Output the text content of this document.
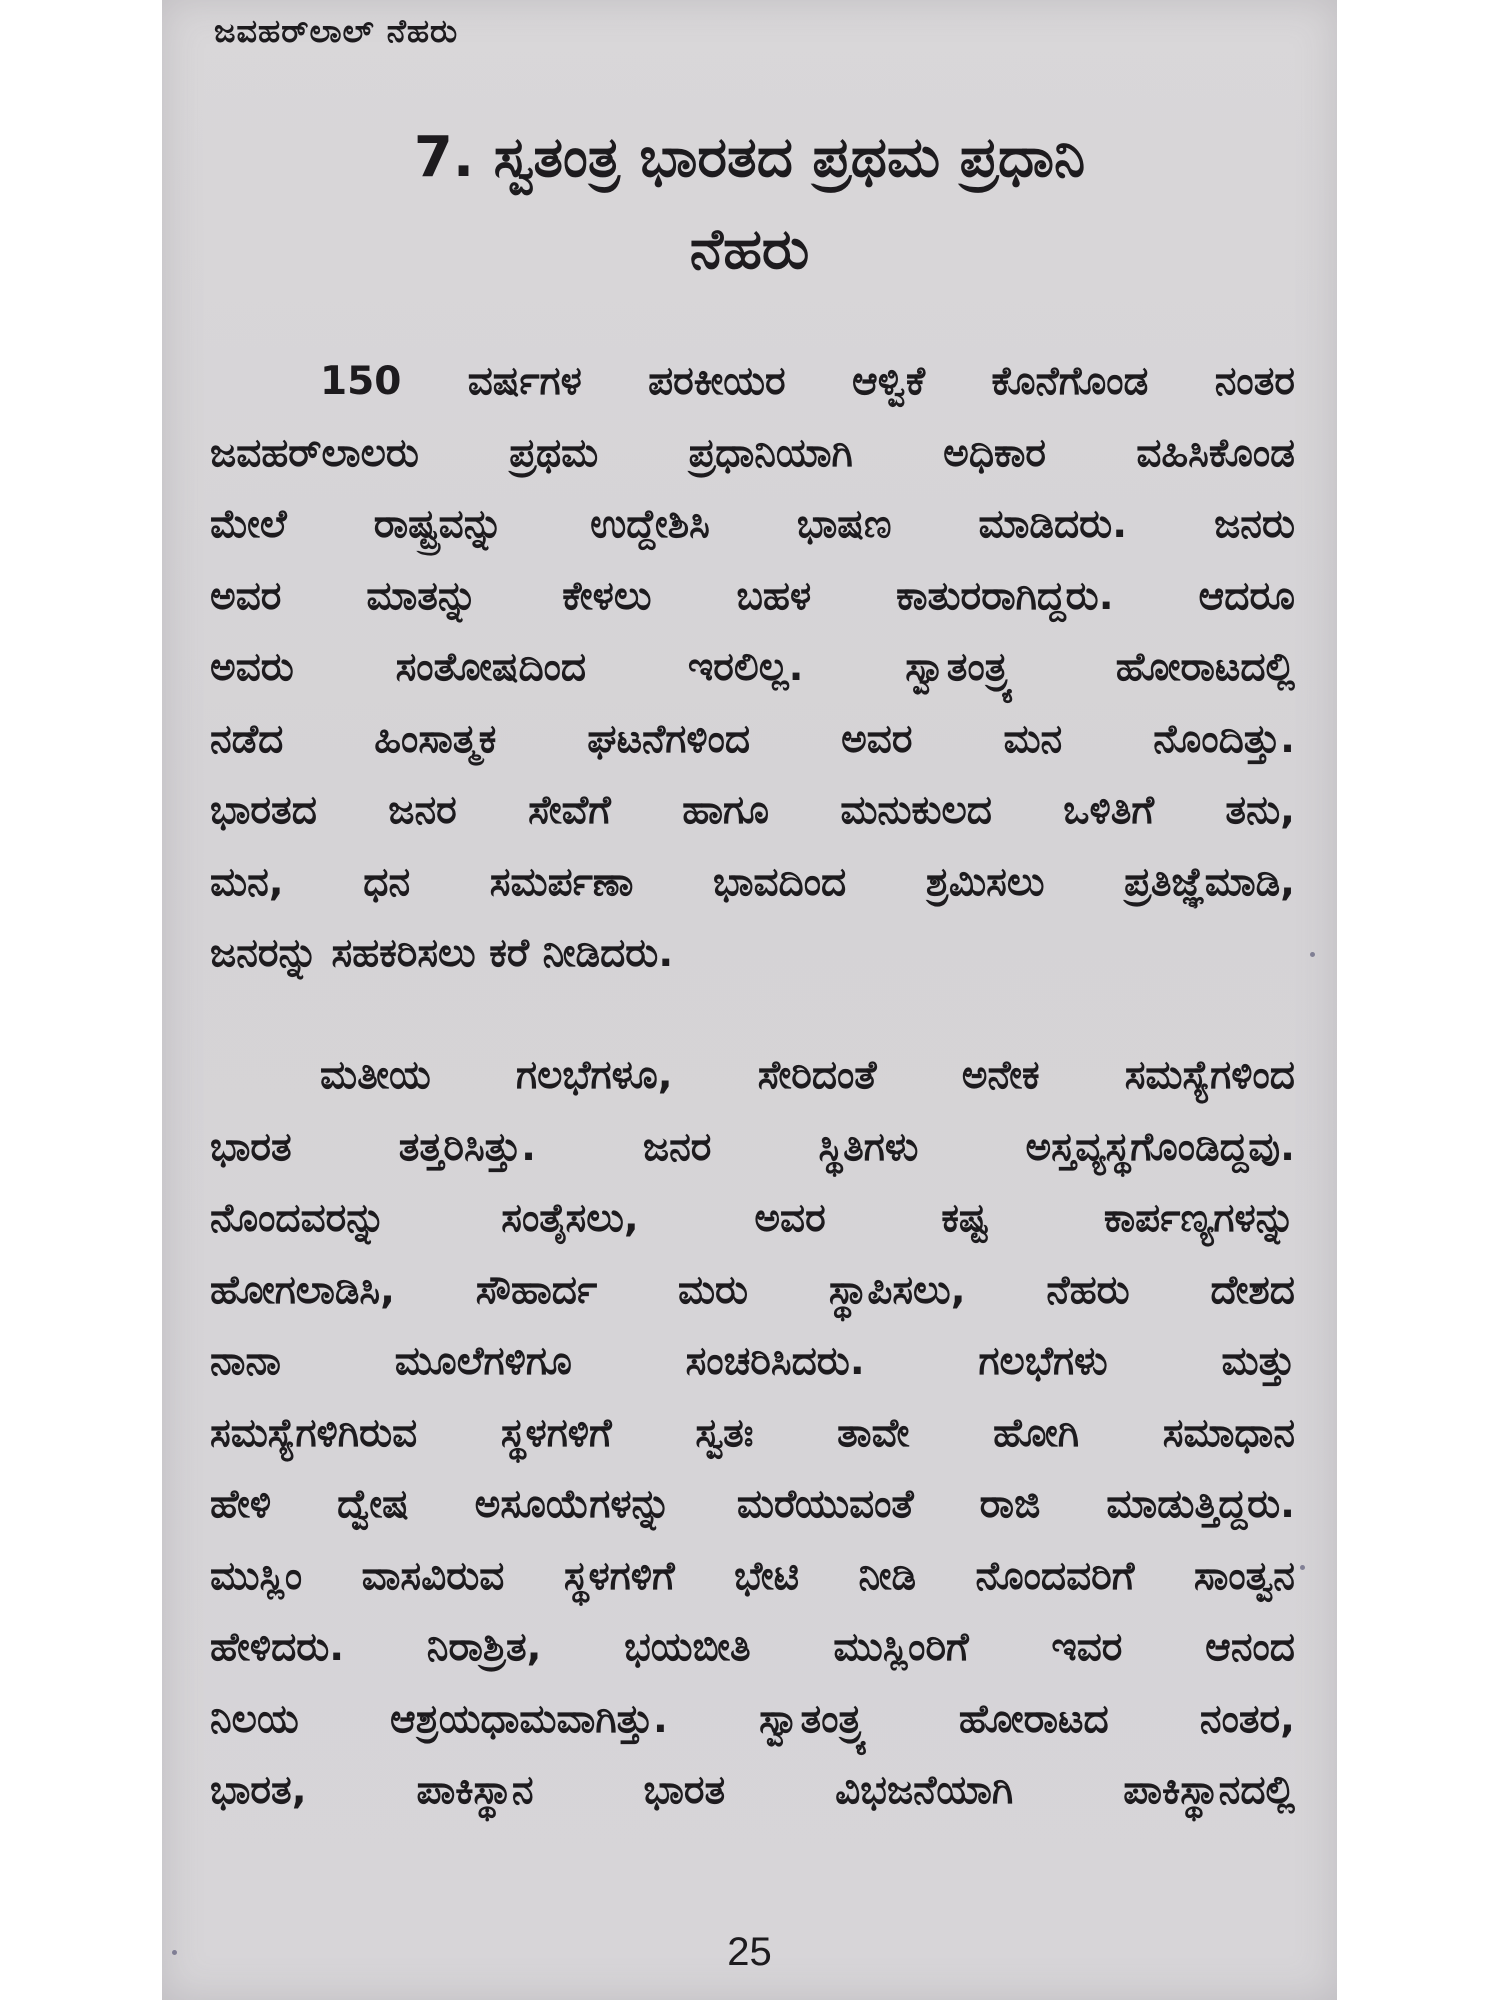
ಜವಹರ್‌ಲಾಲ್ ನೆಹರು
7. ಸ್ವತಂತ್ರ ಭಾರತದ ಪ್ರಥಮ ಪ್ರಧಾನಿ
ನೆಹರು

150 ವರ್ಷಗಳ ಪರಕೀಯರ ಆಳ್ವಿಕೆ ಕೊನೆಗೊಂಡ ನಂತರ
ಜವಹರ್‌ಲಾಲರು ಪ್ರಥಮ ಪ್ರಧಾನಿಯಾಗಿ ಅಧಿಕಾರ ವಹಿಸಿಕೊಂಡ
ಮೇಲೆ ರಾಷ್ಟ್ರವನ್ನು ಉದ್ದೇಶಿಸಿ ಭಾಷಣ ಮಾಡಿದರು. ಜನರು
ಅವರ ಮಾತನ್ನು ಕೇಳಲು ಬಹಳ ಕಾತುರರಾಗಿದ್ದರು. ಆದರೂ
ಅವರು ಸಂತೋಷದಿಂದ ಇರಲಿಲ್ಲ. ಸ್ವಾತಂತ್ರ್ಯ ಹೋರಾಟದಲ್ಲಿ
ನಡೆದ ಹಿಂಸಾತ್ಮಕ ಘಟನೆಗಳಿಂದ ಅವರ ಮನ ನೊಂದಿತ್ತು.
ಭಾರತದ ಜನರ ಸೇವೆಗೆ ಹಾಗೂ ಮನುಕುಲದ ಒಳಿತಿಗೆ ತನು,
ಮನ, ಧನ ಸಮರ್ಪಣಾ ಭಾವದಿಂದ ಶ್ರಮಿಸಲು ಪ್ರತಿಜ್ಞೆಮಾಡಿ,
ಜನರನ್ನು ಸಹಕರಿಸಲು ಕರೆ ನೀಡಿದರು.

ಮತೀಯ ಗಲಭೆಗಳೂ, ಸೇರಿದಂತೆ ಅನೇಕ ಸಮಸ್ಯೆಗಳಿಂದ
ಭಾರತ ತತ್ತರಿಸಿತ್ತು. ಜನರ ಸ್ಥಿತಿಗಳು ಅಸ್ತವ್ಯಸ್ಥಗೊಂಡಿದ್ದವು.
ನೊಂದವರನ್ನು ಸಂತೈಸಲು, ಅವರ ಕಷ್ಟ ಕಾರ್ಪಣ್ಯಗಳನ್ನು
ಹೋಗಲಾಡಿಸಿ, ಸೌಹಾರ್ದ ಮರು ಸ್ಥಾಪಿಸಲು, ನೆಹರು ದೇಶದ
ನಾನಾ ಮೂಲೆಗಳಿಗೂ ಸಂಚರಿಸಿದರು. ಗಲಭೆಗಳು ಮತ್ತು
ಸಮಸ್ಯೆಗಳಿಗಿರುವ ಸ್ಥಳಗಳಿಗೆ ಸ್ವತಃ ತಾವೇ ಹೋಗಿ ಸಮಾಧಾನ
ಹೇಳಿ ದ್ವೇಷ ಅಸೂಯೆಗಳನ್ನು ಮರೆಯುವಂತೆ ರಾಜಿ ಮಾಡುತ್ತಿದ್ದರು.
ಮುಸ್ಲಿಂ ವಾಸವಿರುವ ಸ್ಥಳಗಳಿಗೆ ಭೇಟಿ ನೀಡಿ ನೊಂದವರಿಗೆ ಸಾಂತ್ವನ
ಹೇಳಿದರು. ನಿರಾಶ್ರಿತ, ಭಯಬೀತಿ ಮುಸ್ಲಿಂರಿಗೆ ಇವರ ಆನಂದ
ನಿಲಯ ಆಶ್ರಯಧಾಮವಾಗಿತ್ತು. ಸ್ವಾತಂತ್ರ್ಯ ಹೋರಾಟದ ನಂತರ,
ಭಾರತ, ಪಾಕಿಸ್ಥಾನ ಭಾರತ ವಿಭಜನೆಯಾಗಿ ಪಾಕಿಸ್ಥಾನದಲ್ಲಿ

25
